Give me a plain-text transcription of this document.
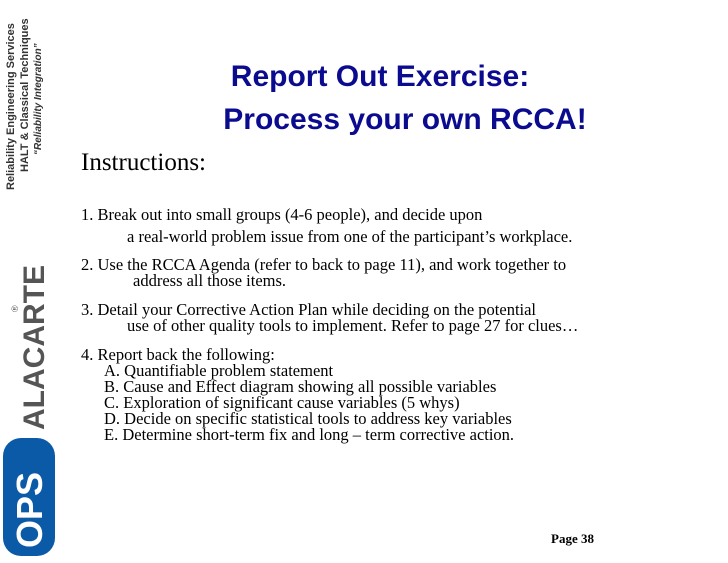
Reliability Engineering Services HALT & Classical Techniques “Reliability Integration”
OPS
ALACARTE
®
Report Out Exercise:
Process your own RCCA!
Instructions:
1. Break out into small groups (4-6 people), and decide upon
a real-world problem issue from one of the participant’s workplace.
2. Use the RCCA Agenda (refer to back to page 11), and work together to
address all those items.
3. Detail your Corrective Action Plan while deciding on the potential
use of other quality tools to implement. Refer to page 27 for clues…
4. Report back the following:
A. Quantifiable problem statement
B. Cause and Effect diagram showing all possible variables
C. Exploration of significant cause variables (5 whys)
D. Decide on specific statistical tools to address key variables
E. Determine short-term fix and long – term corrective action.
Page 38
